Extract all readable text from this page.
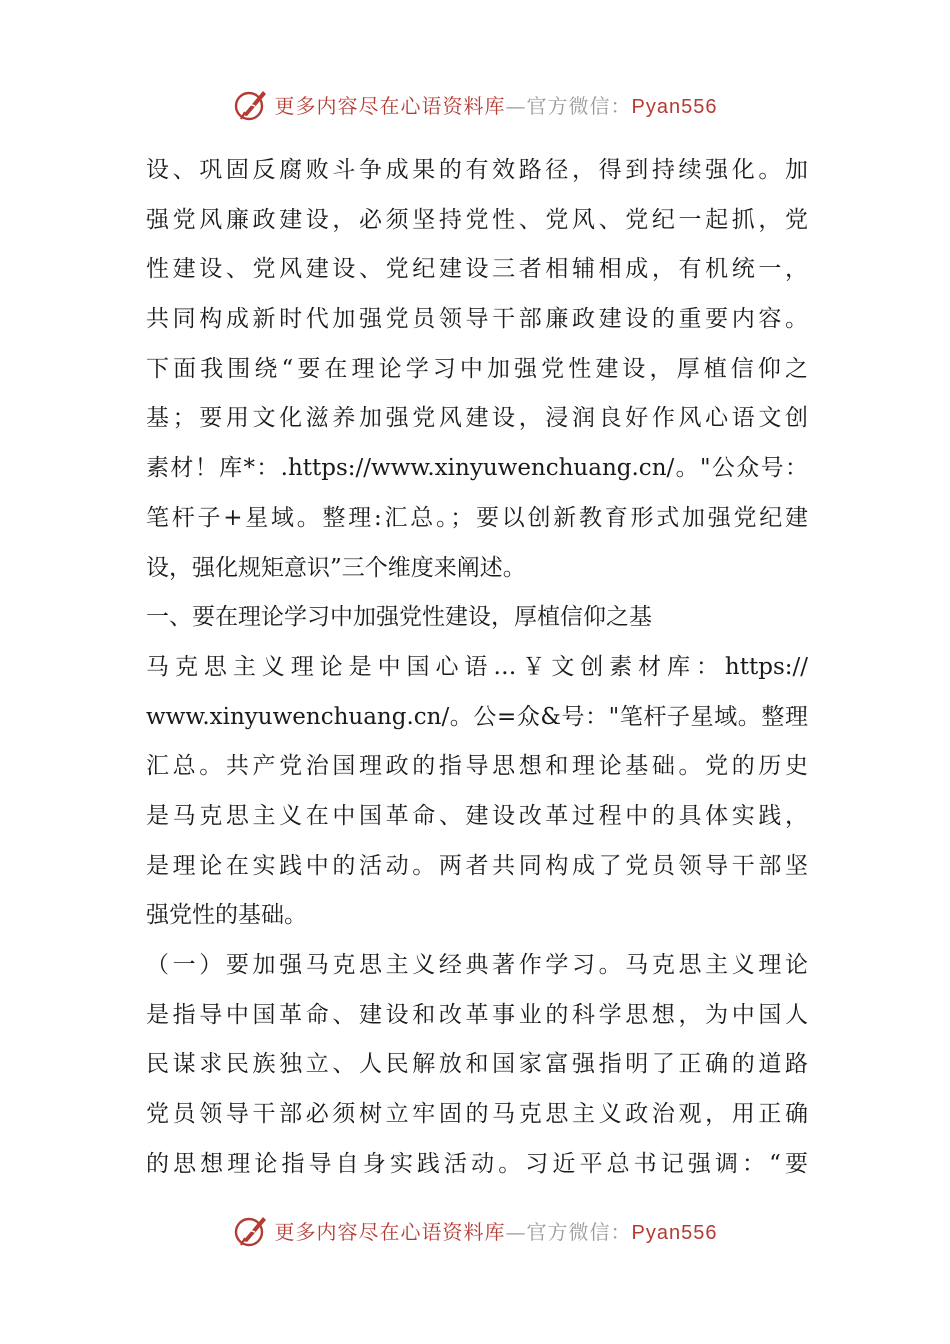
更多内容尽在心语资料库—官方微信：Pyan556
设、巩固反腐败斗争成果的有效路径，得到持续强化。加
强党风廉政建设，必须坚持党性、党风、党纪一起抓，党
性建设、党风建设、党纪建设三者相辅相成，有机统一，
共同构成新时代加强党员领导干部廉政建设的重要内容。
下面我围绕“要在理论学习中加强党性建设，厚植信仰之
基；要用文化滋养加强党风建设，浸润良好作风心语文创
素材！库*：.https://www.xinyuwenchuang.cn/。"公众号：
笔杆子+星域。整理:汇总。；要以创新教育形式加强党纪建
设，强化规矩意识”三个维度来阐述。
一、要在理论学习中加强党性建设，厚植信仰之基
马克思主义理论是中国心语…￥文创素材库：https://
www.xinyuwenchuang.cn/。公=众&号："笔杆子星域。整理
汇总。共产党治国理政的指导思想和理论基础。党的历史
是马克思主义在中国革命、建设改革过程中的具体实践，
是理论在实践中的活动。两者共同构成了党员领导干部坚
强党性的基础。
（一）要加强马克思主义经典著作学习。马克思主义理论
是指导中国革命、建设和改革事业的科学思想，为中国人
民谋求民族独立、人民解放和国家富强指明了正确的道路
党员领导干部必须树立牢固的马克思主义政治观，用正确
的思想理论指导自身实践活动。习近平总书记强调：“要
更多内容尽在心语资料库—官方微信：Pyan556
